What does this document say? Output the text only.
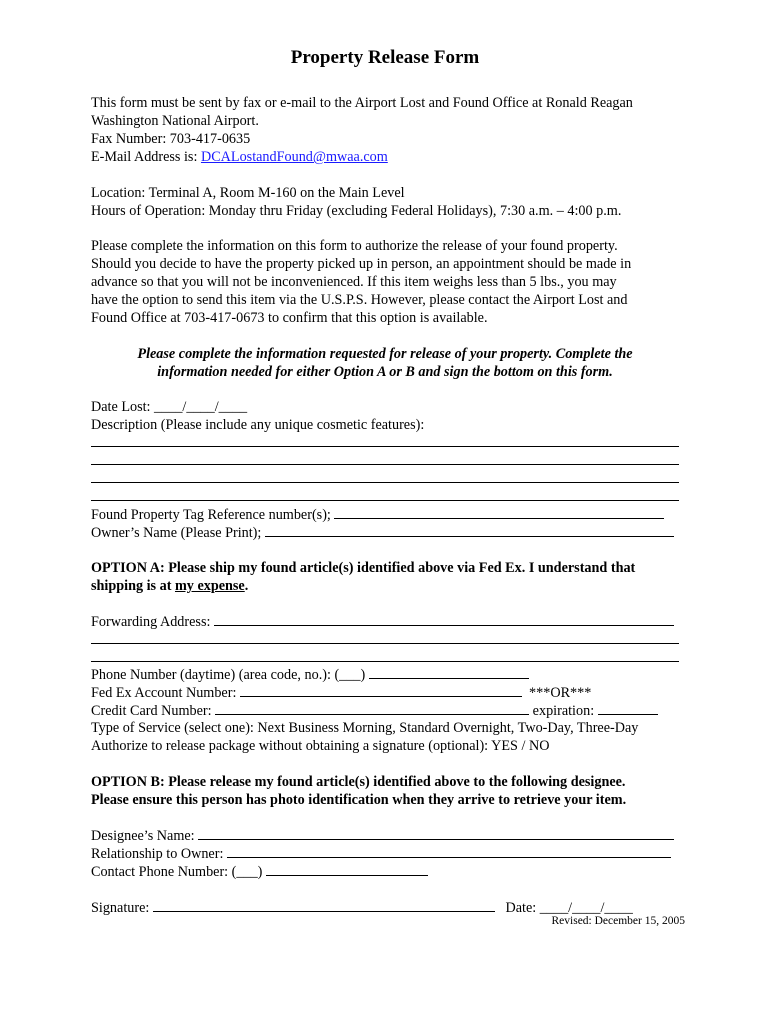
Property Release Form
This form must be sent by fax or e-mail to the Airport Lost and Found Office at Ronald Reagan
Washington National Airport.
Fax Number: 703-417-0635
E-Mail Address is: DCALostandFound@mwaa.com
Location: Terminal A, Room M-160 on the Main Level
Hours of Operation: Monday thru Friday (excluding Federal Holidays), 7:30 a.m. – 4:00 p.m.
Please complete the information on this form to authorize the release of your found property.
Should you decide to have the property picked up in person, an appointment should be made in
advance so that you will not be inconvenienced. If this item weighs less than 5 lbs., you may
have the option to send this item via the U.S.P.S. However, please contact the Airport Lost and
Found Office at 703-417-0673 to confirm that this option is available.
Please complete the information requested for release of your property. Complete the
information needed for either Option A or B and sign the bottom on this form.
Date Lost: ____/____/____
Description (Please include any unique cosmetic features):
Found Property Tag Reference number(s);
Owner’s Name (Please Print);
OPTION A: Please ship my found article(s) identified above via Fed Ex. I understand that
shipping is at my expense.
Forwarding Address:
Phone Number (daytime) (area code, no.): (___)
Fed Ex Account Number:	***OR***
Credit Card Number:	expiration:
Type of Service (select one): Next Business Morning, Standard Overnight, Two-Day, Three-Day
Authorize to release package without obtaining a signature (optional): YES / NO
OPTION B: Please release my found article(s) identified above to the following designee.
Please ensure this person has photo identification when they arrive to retrieve your item.
Designee’s Name:
Relationship to Owner:
Contact Phone Number: (___)
Signature:	Date: ____/____/____
Revised: December 15, 2005
